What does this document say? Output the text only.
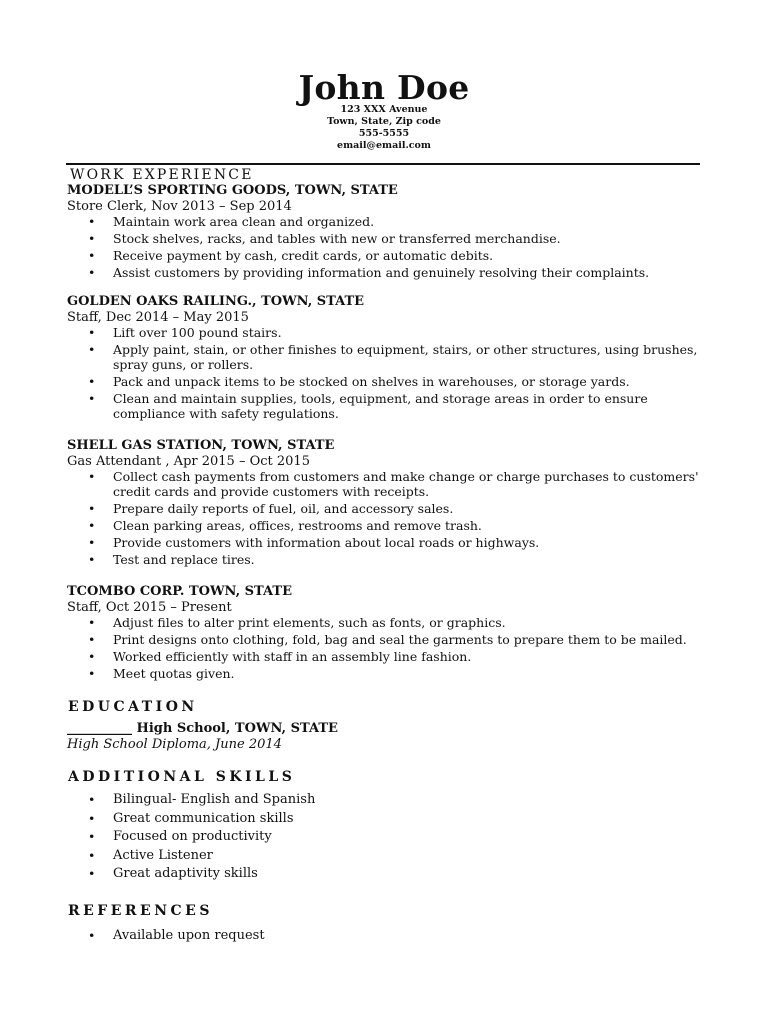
John Doe
123 XXX Avenue
Town, State, Zip code
555-5555
email@email.com
WORK EXPERIENCE
MODELL’S SPORTING GOODS, TOWN, STATE
Store Clerk, Nov 2013 – Sep 2014
• Maintain work area clean and organized.
• Stock shelves, racks, and tables with new or transferred merchandise.
• Receive payment by cash, credit cards, or automatic debits.
• Assist customers by providing information and genuinely resolving their complaints.
GOLDEN OAKS RAILING., TOWN, STATE
Staff, Dec 2014 – May 2015
• Lift over 100 pound stairs.
• Apply paint, stain, or other finishes to equipment, stairs, or other structures, using brushes, spray guns, or rollers.
• Pack and unpack items to be stocked on shelves in warehouses, or storage yards.
• Clean and maintain supplies, tools, equipment, and storage areas in order to ensure compliance with safety regulations.
SHELL GAS STATION, TOWN, STATE
Gas Attendant , Apr 2015 – Oct 2015
• Collect cash payments from customers and make change or charge purchases to customers' credit cards and provide customers with receipts.
• Prepare daily reports of fuel, oil, and accessory sales.
• Clean parking areas, offices, restrooms and remove trash.
• Provide customers with information about local roads or highways.
• Test and replace tires.
TCOMBO CORP. TOWN, STATE
Staff, Oct 2015 – Present
• Adjust files to alter print elements, such as fonts, or graphics.
• Print designs onto clothing, fold, bag and seal the garments to prepare them to be mailed.
• Worked efficiently with staff in an assembly line fashion.
• Meet quotas given.
EDUCATION
__________ High School, TOWN, STATE
High School Diploma, June 2014
ADDITIONAL SKILLS
• Bilingual- English and Spanish
• Great communication skills
• Focused on productivity
• Active Listener
• Great adaptivity skills
REFERENCES
• Available upon request
